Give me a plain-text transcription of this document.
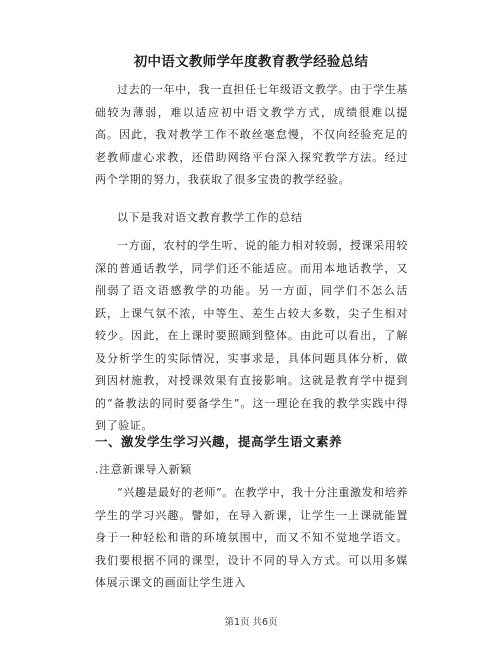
初中语文教师学年度教育教学经验总结

过去的一年中，我一直担任七年级语文教学。由于学生基础较为薄弱，难以适应初中语文教学方式，成绩很难以提高。因此，我对教学工作不敢丝毫怠慢，不仅向经验充足的老教师虚心求教，还借助网络平台深入探究教学方法。经过两个学期的努力，我获取了很多宝贵的教学经验。

以下是我对语文教育教学工作的总结

一方面，农村的学生听、说的能力相对较弱，授课采用较深的普通话教学，同学们还不能适应。而用本地话教学，又削弱了语文语感教学的功能。另一方面，同学们不怎么活跃，上课气氛不浓，中等生、差生占较大多数，尖子生相对较少。因此，在上课时要照顾到整体。由此可以看出，了解及分析学生的实际情况，实事求是，具体问题具体分析，做到因材施教，对授课效果有直接影响。这就是教育学中提到的“备教法的同时要备学生”。这一理论在我的教学实践中得到了验证。

一、激发学生学习兴趣，提高学生语文素养

.注意新课导入新颖

“兴趣是最好的老师”。在教学中，我十分注重激发和培养学生的学习兴趣。譬如，在导入新课，让学生一上课就能置身于一种轻松和谐的环境氛围中，而又不知不觉地学语文。我们要根据不同的课型，设计不同的导入方式。可以用多媒体展示课文的画面让学生进入

第1页 共6页
